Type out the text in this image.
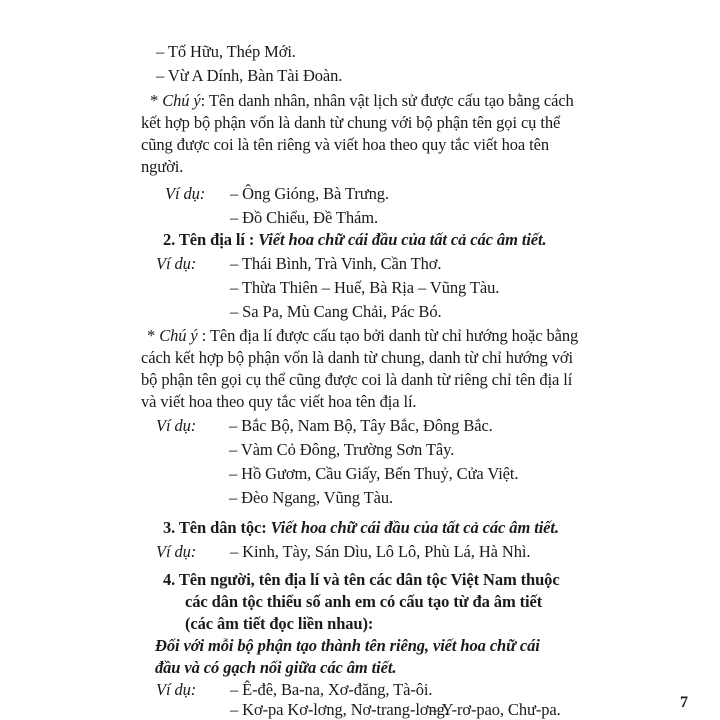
– Tố Hữu, Thép Mới.
– Vừ A Dính, Bàn Tài Đoàn.
* Chú ý: Tên danh nhân, nhân vật lịch sử được cấu tạo bằng cách
kết hợp bộ phận vốn là danh từ chung với bộ phận tên gọi cụ thể
cũng được coi là tên riêng và viết hoa theo quy tắc viết hoa tên
người.
Ví dụ: – Ông Gióng, Bà Trưng.
– Đồ Chiểu, Đề Thám.
2. Tên địa lí : Viết hoa chữ cái đầu của tất cả các âm tiết.
Ví dụ: – Thái Bình, Trà Vinh, Cần Thơ.
– Thừa Thiên – Huế, Bà Rịa – Vũng Tàu.
– Sa Pa, Mù Cang Chải, Pác Bó.
* Chú ý : Tên địa lí được cấu tạo bởi danh từ chỉ hướng hoặc bằng
cách kết hợp bộ phận vốn là danh từ chung, danh từ chỉ hướng với
bộ phận tên gọi cụ thể cũng được coi là danh từ riêng chỉ tên địa lí
và viết hoa theo quy tắc viết hoa tên địa lí.
Ví dụ: – Bắc Bộ, Nam Bộ, Tây Bắc, Đông Bắc.
– Vàm Cỏ Đông, Trường Sơn Tây.
– Hồ Gươm, Cầu Giấy, Bến Thuỷ, Cửa Việt.
– Đèo Ngang, Vũng Tàu.
3. Tên dân tộc: Viết hoa chữ cái đầu của tất cả các âm tiết.
Ví dụ: – Kinh, Tày, Sán Dìu, Lô Lô, Phù Lá, Hà Nhì.
4. Tên người, tên địa lí và tên các dân tộc Việt Nam thuộc
các dân tộc thiểu số anh em có cấu tạo từ đa âm tiết
(các âm tiết đọc liền nhau):
Đối với mỗi bộ phận tạo thành tên riêng, viết hoa chữ cái
đầu và có gạch nối giữa các âm tiết.
Ví dụ: – Ê-đê, Ba-na, Xơ-đăng, Tà-ôi.
– Kơ-pa Kơ-lơng, Nơ-trang-lơng.
– Y-rơ-pao, Chư-pa.	7
